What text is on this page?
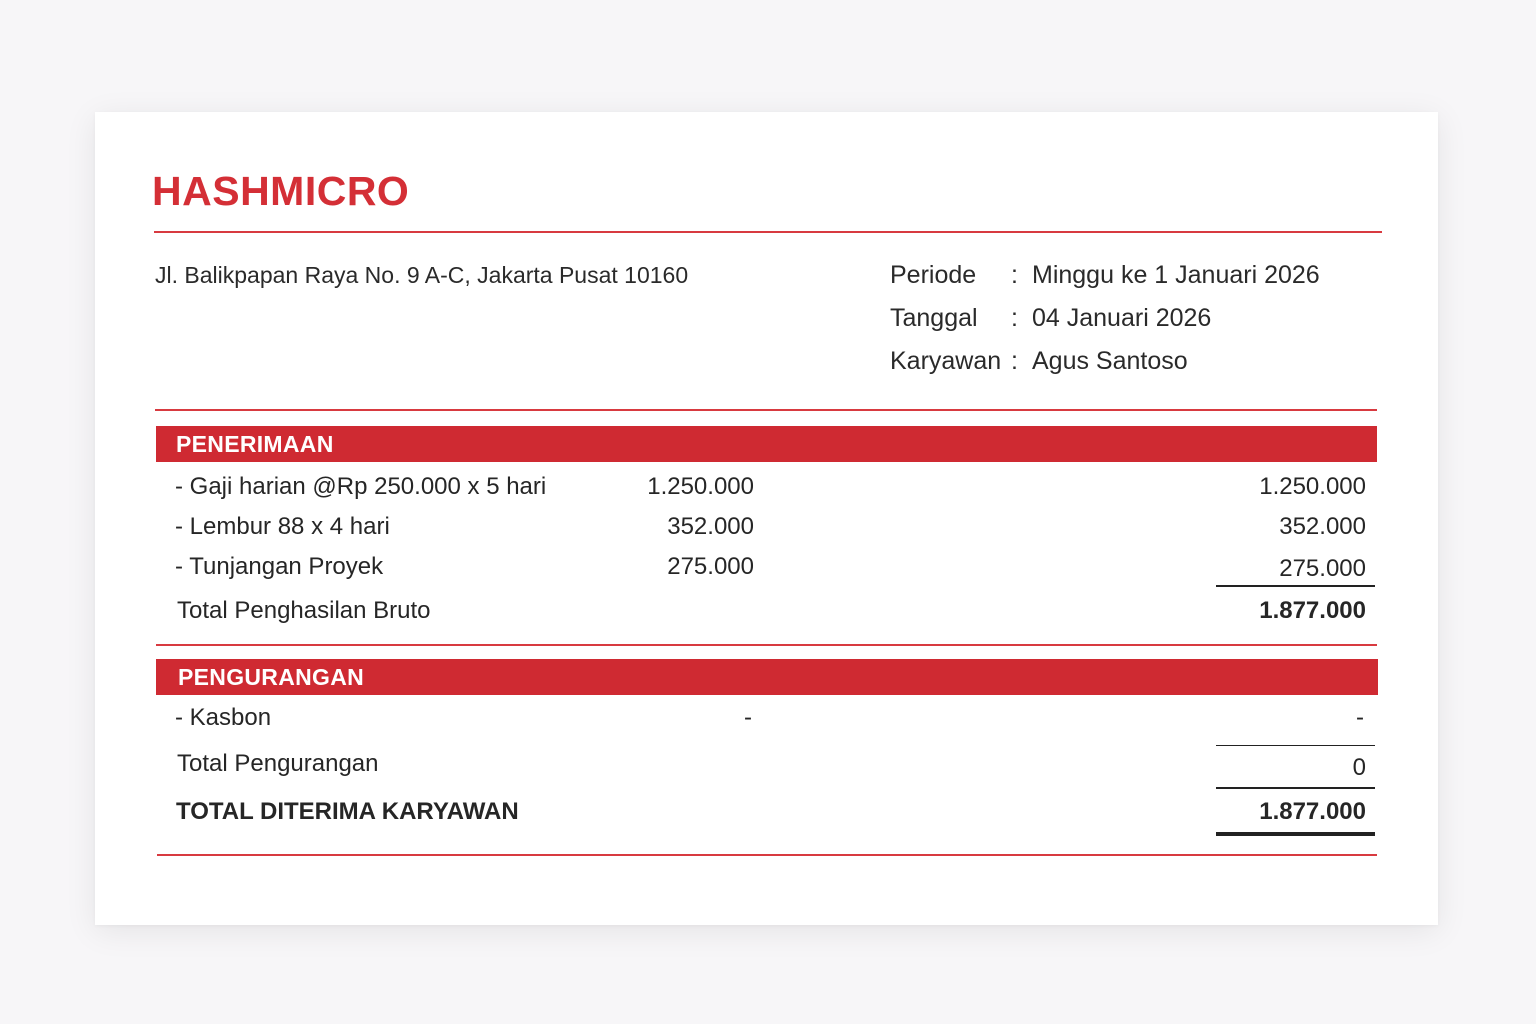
HASHMICRO
Jl. Balikpapan Raya No. 9 A-C, Jakarta Pusat 10160	Periode : Minggu ke 1 Januari 2026
Tanggal : 04 Januari 2026
Karyawan : Agus Santoso
PENERIMAAN
- Gaji harian @Rp 250.000 x 5 hari	1.250.000	1.250.000
- Lembur 88 x 4 hari	352.000	352.000
- Tunjangan Proyek	275.000	275.000
Total Penghasilan Bruto	1.877.000
PENGURANGAN
- Kasbon	-	-
Total Pengurangan	0
TOTAL DITERIMA KARYAWAN	1.877.000
